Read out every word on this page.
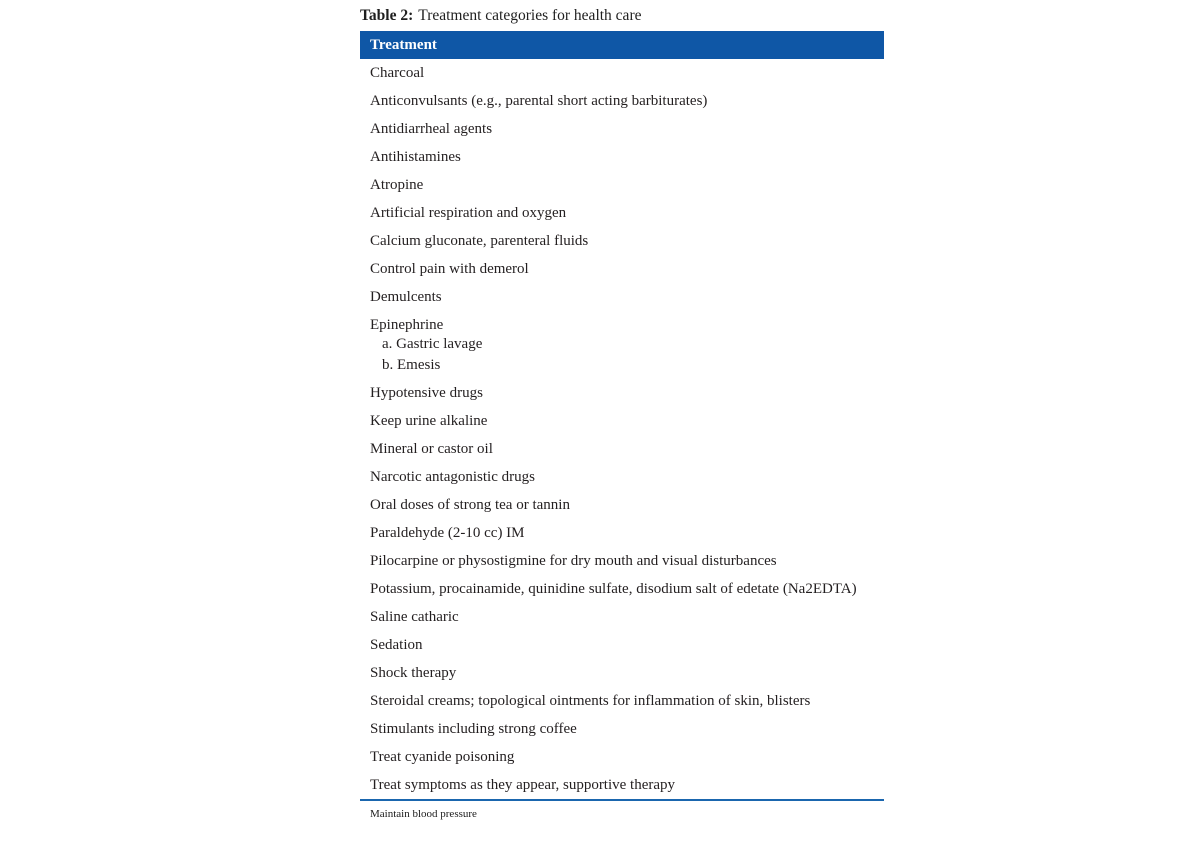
Table 2: Treatment categories for health care
Treatment
Charcoal
Anticonvulsants (e.g., parental short acting barbiturates)
Antidiarrheal agents
Antihistamines
Atropine
Artificial respiration and oxygen
Calcium gluconate, parenteral fluids
Control pain with demerol
Demulcents
Epinephrine
a. Gastric lavage
b. Emesis
Hypotensive drugs
Keep urine alkaline
Mineral or castor oil
Narcotic antagonistic drugs
Oral doses of strong tea or tannin
Paraldehyde (2-10 cc) IM
Pilocarpine or physostigmine for dry mouth and visual disturbances
Potassium, procainamide, quinidine sulfate, disodium salt of edetate (Na2EDTA)
Saline catharic
Sedation
Shock therapy
Steroidal creams; topological ointments for inflammation of skin, blisters
Stimulants including strong coffee
Treat cyanide poisoning
Treat symptoms as they appear, supportive therapy
Maintain blood pressure
